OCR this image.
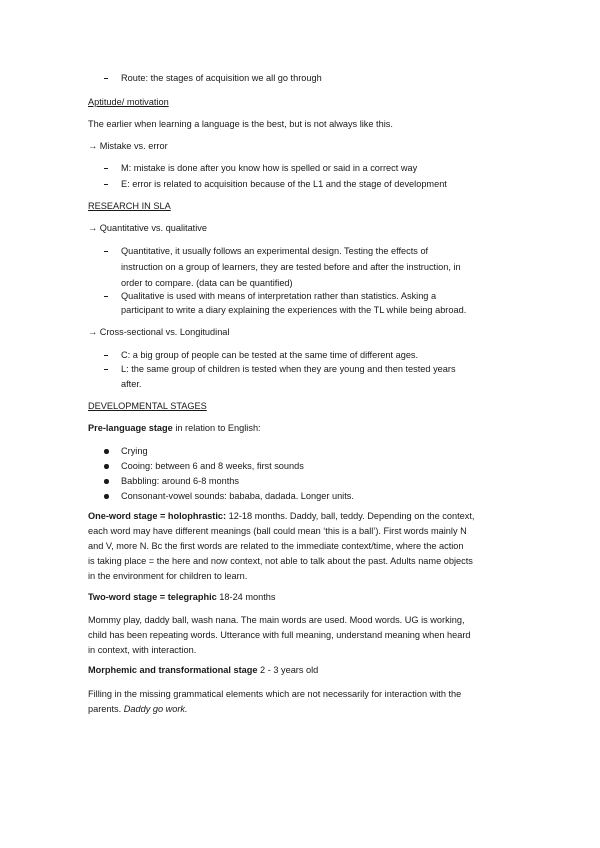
Route: the stages of acquisition we all go through
Aptitude/ motivation
The earlier when learning a language is the best, but is not always like this.
→ Mistake vs. error
M: mistake is done after you know how is spelled or said in a correct way
E: error is related to acquisition because of the L1 and the stage of development
RESEARCH IN SLA
→ Quantitative vs. qualitative
Quantitative, it usually follows an experimental design. Testing the effects of
instruction on a group of learners, they are tested before and after the instruction, in
order to compare. (data can be quantified)
Qualitative is used with means of interpretation rather than statistics. Asking a
participant to write a diary explaining the experiences with the TL while being abroad.
→ Cross-sectional vs. Longitudinal
C: a big group of people can be tested at the same time of different ages.
L: the same group of children is tested when they are young and then tested years
after.
DEVELOPMENTAL STAGES
Pre-language stage in relation to English:
Crying
Cooing: between 6 and 8 weeks, first sounds
Babbling: around 6-8 months
Consonant-vowel sounds: bababa, dadada. Longer units.
One-word stage = holophrastic: 12-18 months. Daddy, ball, teddy. Depending on the context,
each word may have different meanings (ball could mean ‘this is a ball’). First words mainly N
and V, more N. Bc the first words are related to the immediate context/time, where the action
is taking place = the here and now context, not able to talk about the past. Adults name objects
in the environment for children to learn.
Two-word stage = telegraphic 18-24 months
Mommy play, daddy ball, wash nana. The main words are used. Mood words. UG is working,
child has been repeating words. Utterance with full meaning, understand meaning when heard
in context, with interaction.
Morphemic and transformational stage 2 - 3 years old
Filling in the missing grammatical elements which are not necessarily for interaction with the
parents. Daddy go work.
